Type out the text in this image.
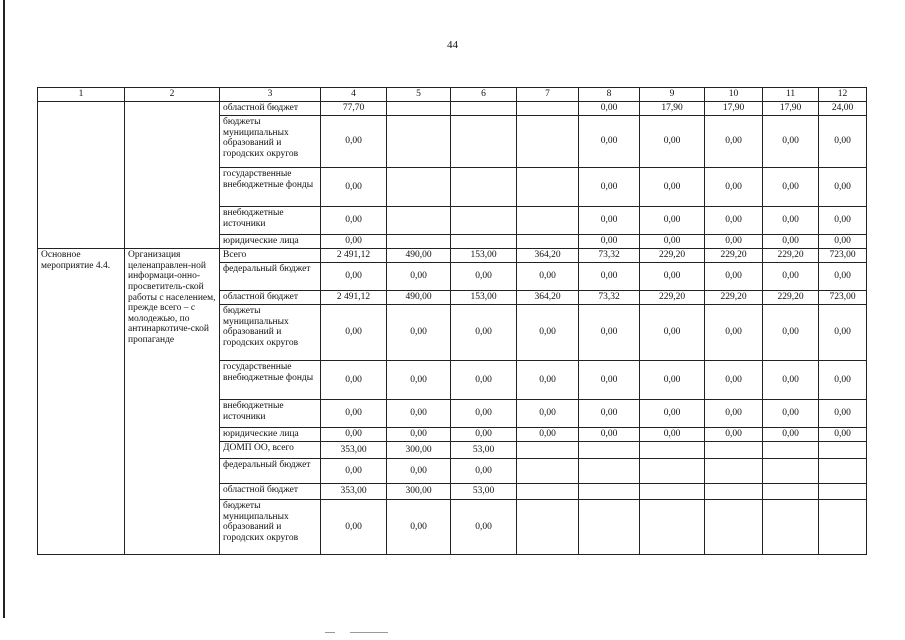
44
1	2	3	4	5	6	7	8	9	10	11	12
		областной бюджет	77,70				0,00	17,90	17,90	17,90	24,00
		бюджеты муниципальных образований и городских округов	0,00				0,00	0,00	0,00	0,00	0,00
		государственные внебюджетные фонды	0,00				0,00	0,00	0,00	0,00	0,00
		внебюджетные источники	0,00				0,00	0,00	0,00	0,00	0,00
		юридические лица	0,00				0,00	0,00	0,00	0,00	0,00
Основное мероприятие 4.4.	Организация целенаправлен-ной информаци-онно-просветитель-ской работы с населением, прежде всего – с молодежью, по антинаркотиче-ской пропаганде	Всего	2 491,12	490,00	153,00	364,20	73,32	229,20	229,20	229,20	723,00
		федеральный бюджет	0,00	0,00	0,00	0,00	0,00	0,00	0,00	0,00	0,00
		областной бюджет	2 491,12	490,00	153,00	364,20	73,32	229,20	229,20	229,20	723,00
		бюджеты муниципальных образований и городских округов	0,00	0,00	0,00	0,00	0,00	0,00	0,00	0,00	0,00
		государственные внебюджетные фонды	0,00	0,00	0,00	0,00	0,00	0,00	0,00	0,00	0,00
		внебюджетные источники	0,00	0,00	0,00	0,00	0,00	0,00	0,00	0,00	0,00
		юридические лица	0,00	0,00	0,00	0,00	0,00	0,00	0,00	0,00	0,00
		ДОМП ОО, всего	353,00	300,00	53,00						
		федеральный бюджет	0,00	0,00	0,00						
		областной бюджет	353,00	300,00	53,00						
		бюджеты муниципальных образований и городских округов	0,00	0,00	0,00						
